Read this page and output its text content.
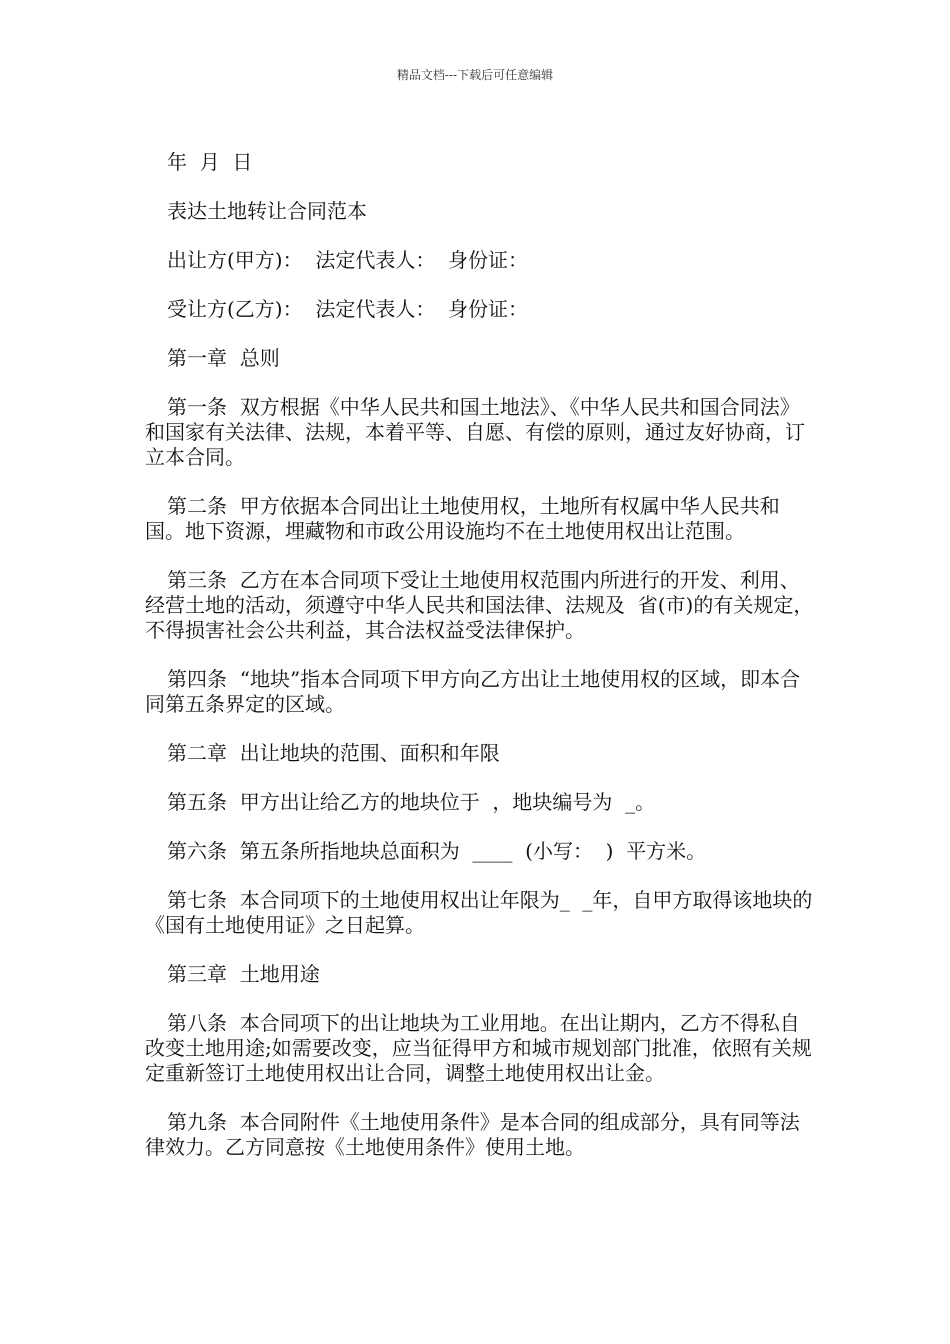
精品文档---下载后可任意编辑

年  月  日

表达土地转让合同范本

出让方(甲方)：  法定代表人：  身份证：

受让方(乙方)：  法定代表人：  身份证：

第一章  总则

第一条  双方根据《中华人民共和国土地法》、《中华人民共和国合同法》和国家有关法律、法规，本着平等、自愿、有偿的原则，通过友好协商，订立本合同。

第二条  甲方依据本合同出让土地使用权，土地所有权属中华人民共和国。地下资源，埋藏物和市政公用设施均不在土地使用权出让范围。

第三条  乙方在本合同项下受让土地使用权范围内所进行的开发、利用、经营土地的活动，须遵守中华人民共和国法律、法规及  省(市)的有关规定，不得损害社会公共利益，其合法权益受法律保护。

第四条  “地块”指本合同项下甲方向乙方出让土地使用权的区域，即本合同第五条界定的区域。

第二章  出让地块的范围、面积和年限

第五条  甲方出让给乙方的地块位于  ，地块编号为  _。

第六条  第五条所指地块总面积为  ____  (小写：  )  平方米。

第七条  本合同项下的土地使用权出让年限为_  _年，自甲方取得该地块的《国有土地使用证》之日起算。

第三章  土地用途

第八条  本合同项下的出让地块为工业用地。在出让期内，乙方不得私自改变土地用途;如需要改变，应当征得甲方和城市规划部门批准，依照有关规定重新签订土地使用权出让合同，调整土地使用权出让金。

第九条  本合同附件《土地使用条件》是本合同的组成部分，具有同等法律效力。乙方同意按《土地使用条件》使用土地。
